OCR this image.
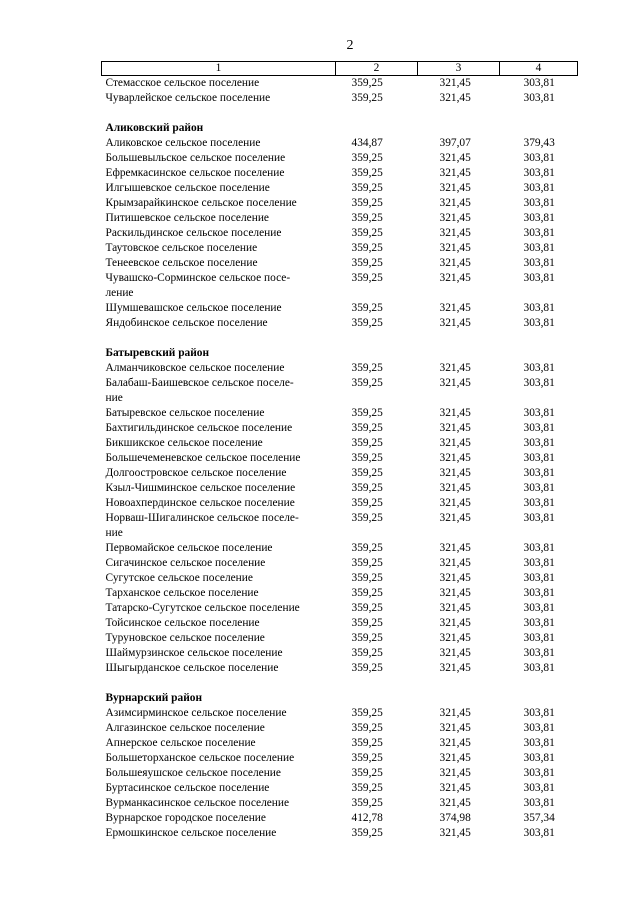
2
1	2	3	4

Стемасское сельское поселение	359,25	321,45	303,81

Чуварлейское сельское поселение	359,25	321,45	303,81

Аликовский район			

Аликовское сельское поселение	434,87	397,07	379,43

Большевыльское сельское поселение	359,25	321,45	303,81

Ефремкасинское сельское поселение	359,25	321,45	303,81

Илгышевское сельское поселение	359,25	321,45	303,81

Крымзарайкинское сельское поселение	359,25	321,45	303,81

Питишевское сельское поселение	359,25	321,45	303,81

Раскильдинское сельское поселение	359,25	321,45	303,81

Таутовское сельское поселение	359,25	321,45	303,81

Тенеевское сельское поселение	359,25	321,45	303,81

Чувашско-Сорминское сельское посе-
ление	359,25	321,45	303,81

Шумшевашское сельское поселение	359,25	321,45	303,81

Яндобинское сельское поселение	359,25	321,45	303,81

Батыревский район			

Алманчиковское сельское поселение	359,25	321,45	303,81

Балабаш-Баишевское сельское поселе-
ние	359,25	321,45	303,81

Батыревское сельское поселение	359,25	321,45	303,81

Бахтигильдинское сельское поселение	359,25	321,45	303,81

Бикшикское сельское поселение	359,25	321,45	303,81

Большечеменевское сельское поселение	359,25	321,45	303,81

Долгоостровское сельское поселение	359,25	321,45	303,81

Кзыл-Чишминское сельское поселение	359,25	321,45	303,81

Новоахпердинское сельское поселение	359,25	321,45	303,81

Норваш-Шигалинское сельское поселе-
ние	359,25	321,45	303,81

Первомайское сельское поселение	359,25	321,45	303,81

Сигачинское сельское поселение	359,25	321,45	303,81

Сугутское сельское поселение	359,25	321,45	303,81

Тарханское сельское поселение	359,25	321,45	303,81

Татарско-Сугутское сельское поселение	359,25	321,45	303,81

Тойсинское сельское поселение	359,25	321,45	303,81

Туруновское сельское поселение	359,25	321,45	303,81

Шаймурзинское сельское поселение	359,25	321,45	303,81

Шыгырданское сельское поселение	359,25	321,45	303,81

Вурнарский район			

Азимсирминское сельское поселение	359,25	321,45	303,81

Алгазинское сельское поселение	359,25	321,45	303,81

Апнерское сельское поселение	359,25	321,45	303,81

Большеторханское сельское поселение	359,25	321,45	303,81

Большеяушское сельское поселение	359,25	321,45	303,81

Буртасинское сельское поселение	359,25	321,45	303,81

Вурманкасинское сельское поселение	359,25	321,45	303,81

Вурнарское городское поселение	412,78	374,98	357,34

Ермошкинское сельское поселение	359,25	321,45	303,81
